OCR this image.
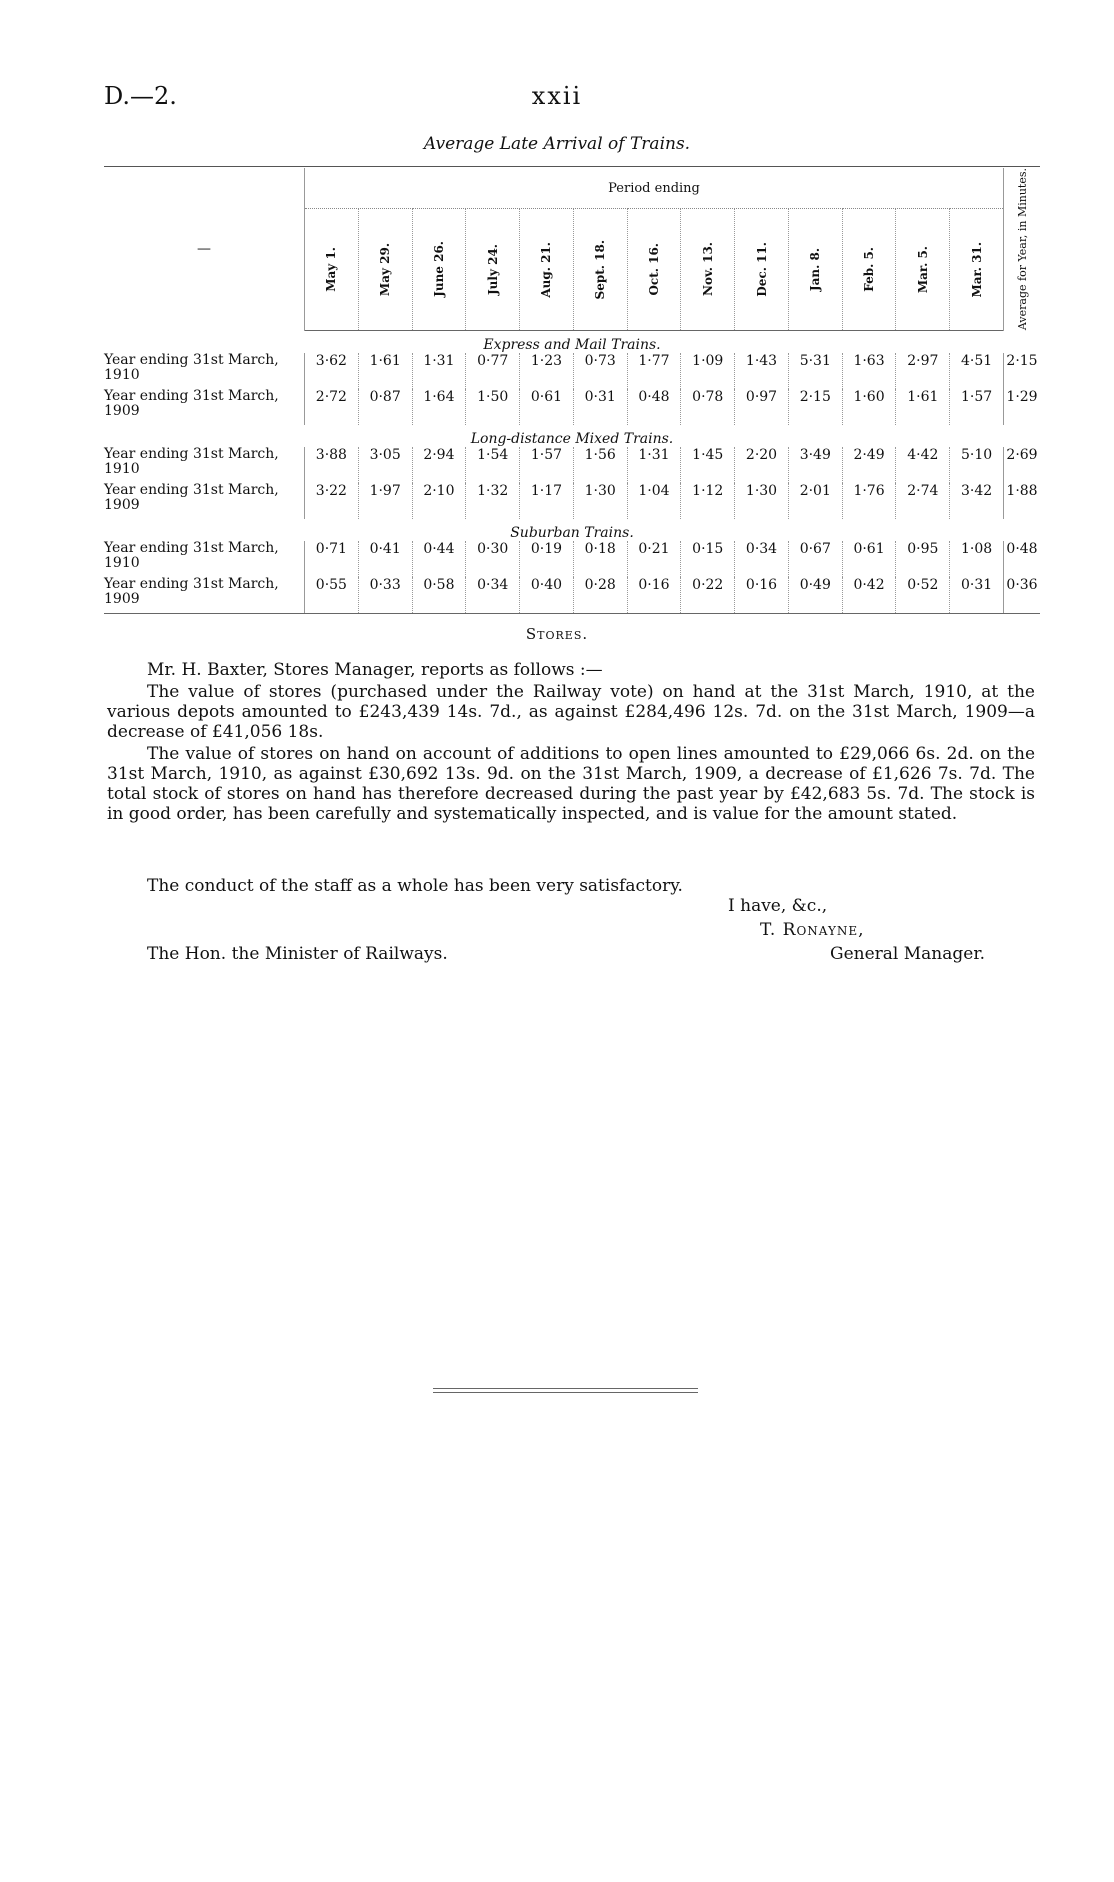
D.—2.	xxii
Average Late Arrival of Trains.
—	Period ending													Average for Year, in Minutes.

	May 1.	May 29.	June 26.	July 24.	Aug. 21.	Sept. 18.	Oct. 16.	Nov. 13.	Dec. 11.	Jan. 8.	Feb. 5.	Mar. 5.	Mar. 31.	

Express and Mail Trains.														
Year ending 31st March, 1910	3·62	1·61	1·31	0·77	1·23	0·73	1·77	1·09	1·43	5·31	1·63	2·97	4·51	2·15
Year ending 31st March, 1909	2·72	0·87	1·64	1·50	0·61	0·31	0·48	0·78	0·97	2·15	1·60	1·61	1·57	1·29
Long-distance Mixed Trains.														
Year ending 31st March, 1910	3·88	3·05	2·94	1·54	1·57	1·56	1·31	1·45	2·20	3·49	2·49	4·42	5·10	2·69
Year ending 31st March, 1909	3·22	1·97	2·10	1·32	1·17	1·30	1·04	1·12	1·30	2·01	1·76	2·74	3·42	1·88
Suburban Trains.														
Year ending 31st March, 1910	0·71	0·41	0·44	0·30	0·19	0·18	0·21	0·15	0·34	0·67	0·61	0·95	1·08	0·48
Year ending 31st March, 1909	0·55	0·33	0·58	0·34	0·40	0·28	0·16	0·22	0·16	0·49	0·42	0·52	0·31	0·36
Stores.
Mr. H. Baxter, Stores Manager, reports as follows :—
The value of stores (purchased under the Railway vote) on hand at the 31st March, 1910, at the various depots amounted to £243,439 14s. 7d., as against £284,496 12s. 7d. on the 31st March, 1909—a decrease of £41,056 18s.
The value of stores on hand on account of additions to open lines amounted to £29,066 6s. 2d. on the 31st March, 1910, as against £30,692 13s. 9d. on the 31st March, 1909, a decrease of £1,626 7s. 7d. The total stock of stores on hand has therefore decreased during the past year by £42,683 5s. 7d. The stock is in good order, has been carefully and systematically inspected, and is value for the amount stated.
The conduct of the staff as a whole has been very satisfactory.
I have, &c.,
T. Ronayne,
The Hon. the Minister of Railways.	General Manager.
